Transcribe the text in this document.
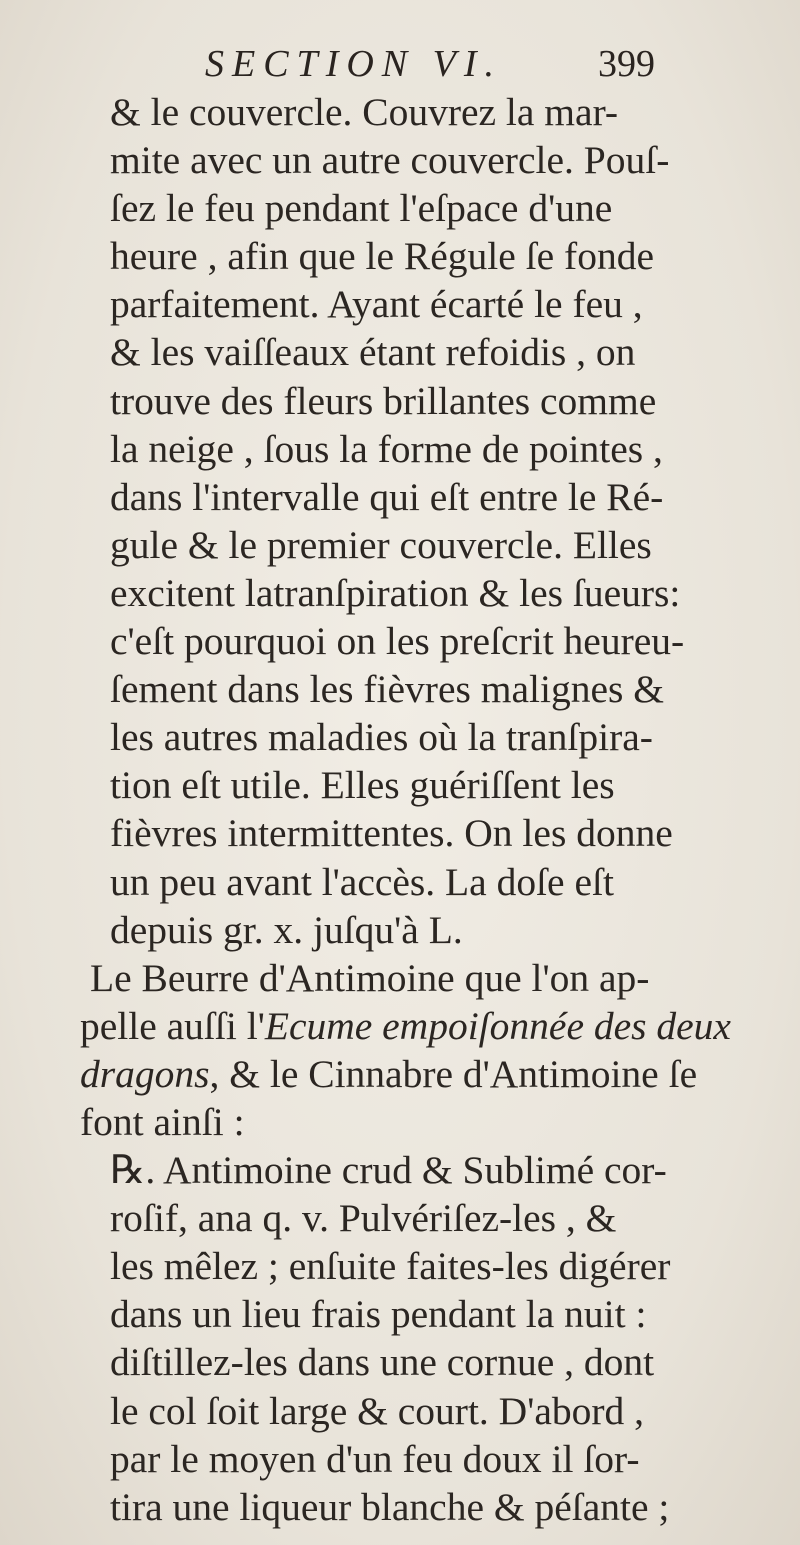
SECTION VI.	399
& le couvercle. Couvrez la mar-
mite avec un autre couvercle. Pouſ-
ſez le feu pendant l'eſpace d'une
heure , afin que le Régule ſe fonde
parfaitement. Ayant écarté le feu ,
& les vaiſſeaux étant refoidis , on
trouve des fleurs brillantes comme
la neige , ſous la forme de pointes ,
dans l'intervalle qui eſt entre le Ré-
gule & le premier couvercle. Elles
excitent latranſpiration & les ſueurs:
c'eſt pourquoi on les preſcrit heureu-
ſement dans les fièvres malignes &
les autres maladies où la tranſpira-
tion eſt utile. Elles guériſſent les
fièvres intermittentes. On les donne
un peu avant l'accès. La doſe eſt
depuis gr. x. juſqu'à L.
Le Beurre d'Antimoine que l'on ap-
pelle auſſi l'Ecume empoiſonnée des deux
dragons, & le Cinnabre d'Antimoine ſe
font ainſi :
℞. Antimoine crud & Sublimé cor-
roſif, ana q. v. Pulvériſez-les , &
les mêlez ; enſuite faites-les digérer
dans un lieu frais pendant la nuit :
diſtillez-les dans une cornue , dont
le col ſoit large & court. D'abord ,
par le moyen d'un feu doux il ſor-
tira une liqueur blanche & péſante ;
